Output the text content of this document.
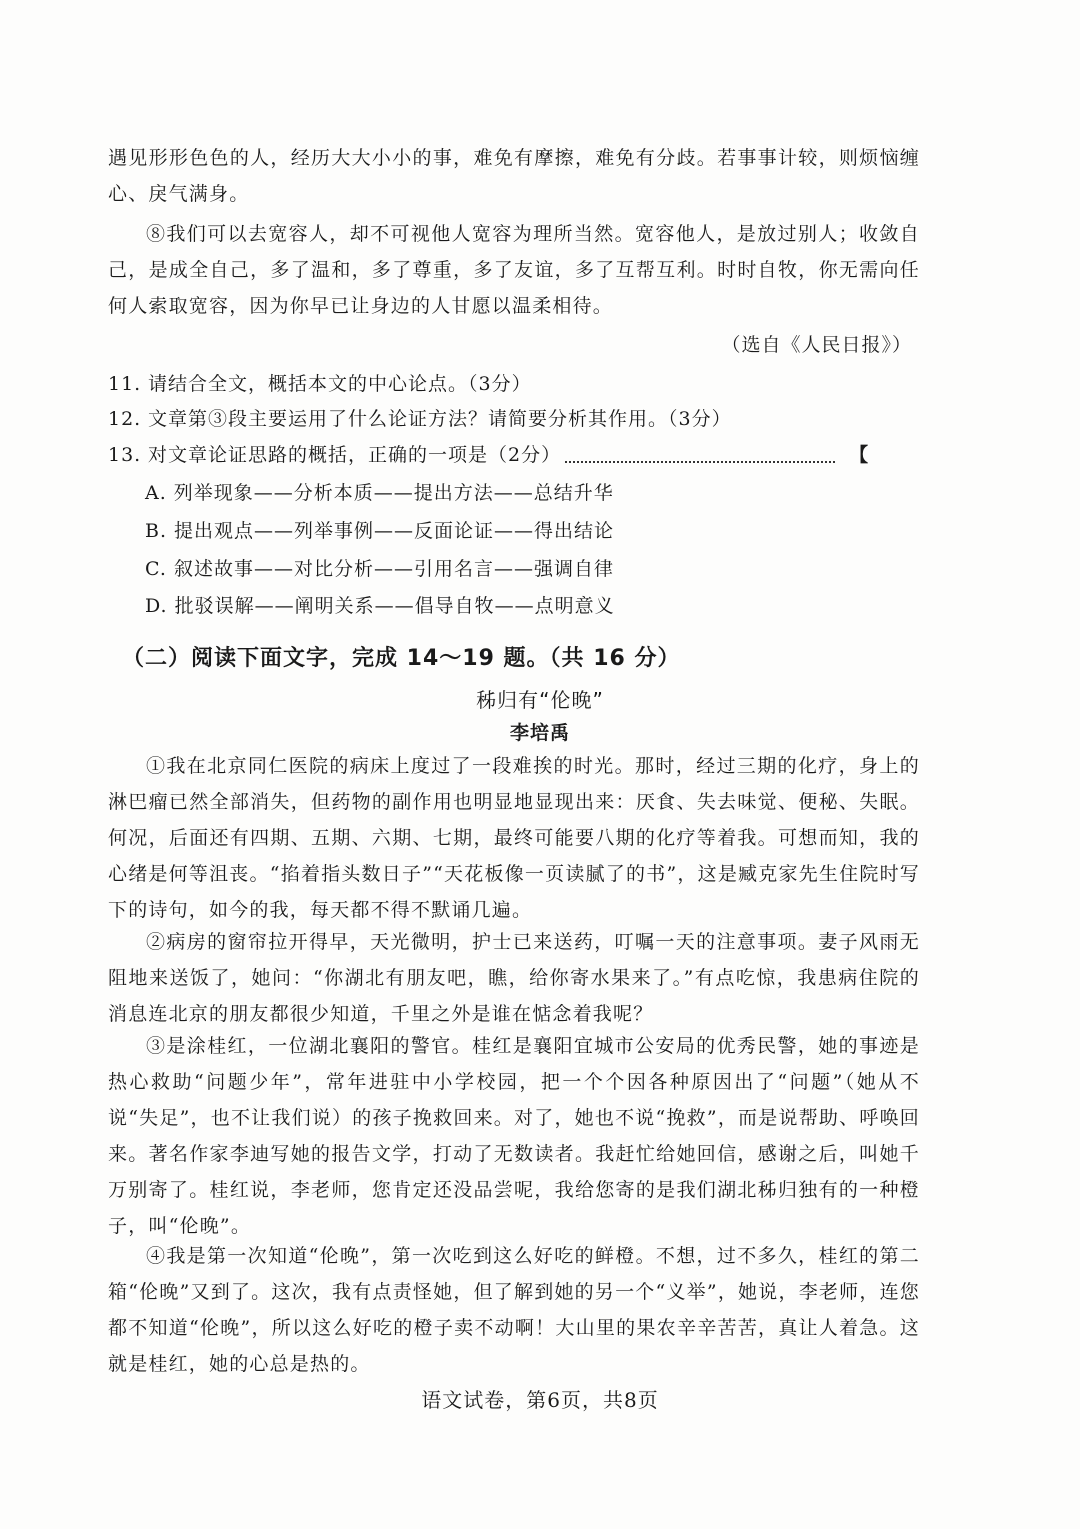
遇见形形色色的人，经历大大小小的事，难免有摩擦，难免有分歧。若事事计较，则烦恼缠心、戾气满身。
⑧我们可以去宽容人，却不可视他人宽容为理所当然。宽容他人，是放过别人；收敛自己，是成全自己，多了温和，多了尊重，多了友谊，多了互帮互利。时时自牧，你无需向任何人索取宽容，因为你早已让身边的人甘愿以温柔相待。
（选自《人民日报》）
11. 请结合全文，概括本文的中心论点。（3分）
12. 文章第③段主要运用了什么论证方法？请简要分析其作用。（3分）
13. 对文章论证思路的概括，正确的一项是（2分）	【
A. 列举现象——分析本质——提出方法——总结升华
B. 提出观点——列举事例——反面论证——得出结论
C. 叙述故事——对比分析——引用名言——强调自律
D. 批驳误解——阐明关系——倡导自牧——点明意义
（二）阅读下面文字，完成 14～19 题。（共 16 分）
秭归有“伦晚”
李培禹
①我在北京同仁医院的病床上度过了一段难挨的时光。那时，经过三期的化疗，身上的淋巴瘤已然全部消失，但药物的副作用也明显地显现出来：厌食、失去味觉、便秘、失眠。何况，后面还有四期、五期、六期、七期，最终可能要八期的化疗等着我。可想而知，我的心绪是何等沮丧。“掐着指头数日子”“天花板像一页读腻了的书”，这是臧克家先生住院时写下的诗句，如今的我，每天都不得不默诵几遍。
②病房的窗帘拉开得早，天光微明，护士已来送药，叮嘱一天的注意事项。妻子风雨无阻地来送饭了，她问：“你湖北有朋友吧，瞧，给你寄水果来了。”有点吃惊，我患病住院的消息连北京的朋友都很少知道，千里之外是谁在惦念着我呢？
③是涂桂红，一位湖北襄阳的警官。桂红是襄阳宜城市公安局的优秀民警，她的事迹是热心救助“问题少年”，常年进驻中小学校园，把一个个因各种原因出了“问题”（她从不说“失足”，也不让我们说）的孩子挽救回来。对了，她也不说“挽救”，而是说帮助、呼唤回来。著名作家李迪写她的报告文学，打动了无数读者。我赶忙给她回信，感谢之后，叫她千万别寄了。桂红说，李老师，您肯定还没品尝呢，我给您寄的是我们湖北秭归独有的一种橙子，叫“伦晚”。
④我是第一次知道“伦晚”，第一次吃到这么好吃的鲜橙。不想，过不多久，桂红的第二箱“伦晚”又到了。这次，我有点责怪她，但了解到她的另一个“义举”，她说，李老师，连您都不知道“伦晚”，所以这么好吃的橙子卖不动啊！大山里的果农辛辛苦苦，真让人着急。这就是桂红，她的心总是热的。
语文试卷，第6页，共8页
